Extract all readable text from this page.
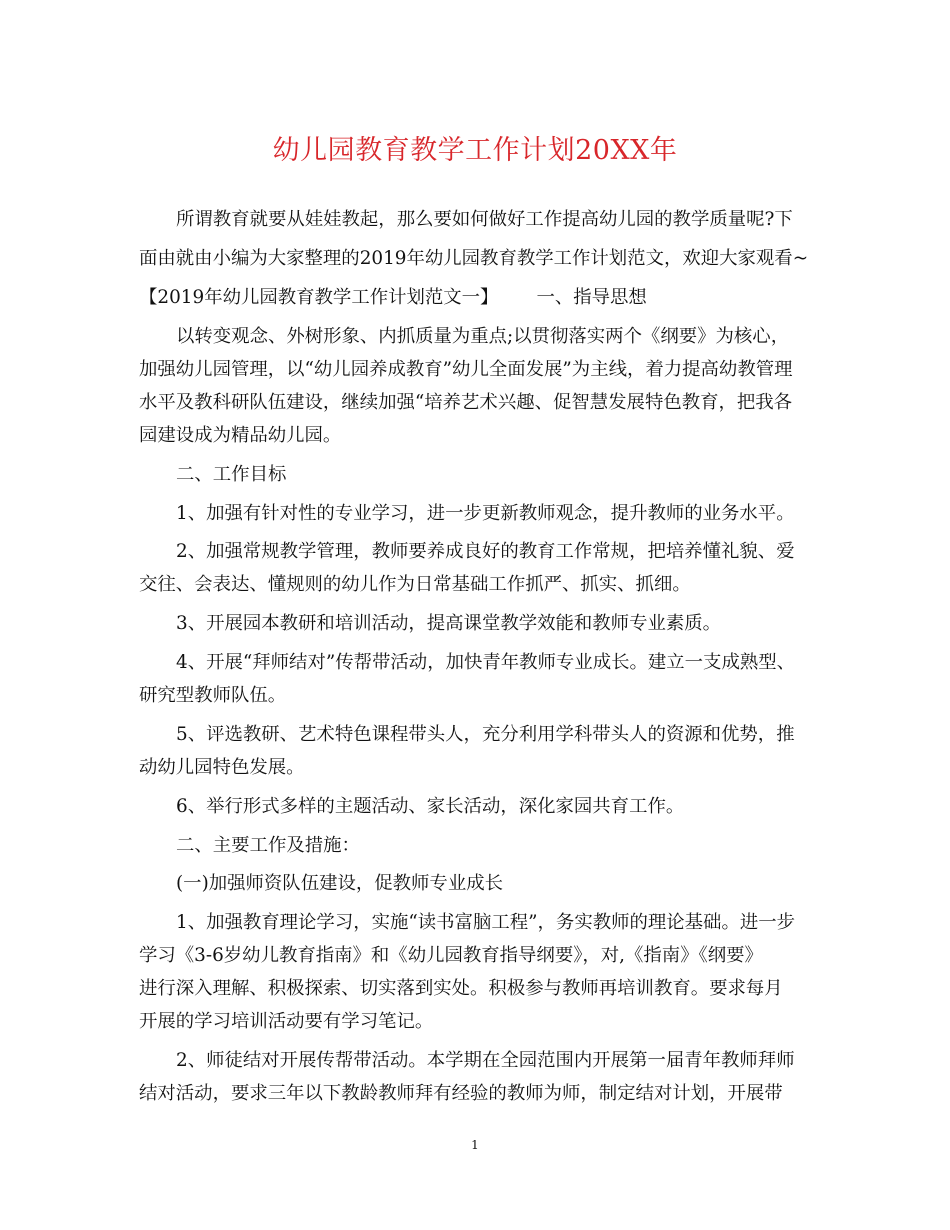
幼儿园教育教学工作计划20XX年
所谓教育就要从娃娃教起，那么要如何做好工作提高幼儿园的教学质量呢?下
面由就由小编为大家整理的2019年幼儿园教育教学工作计划范文，欢迎大家观看~
【2019年幼儿园教育教学工作计划范文一】 一、指导思想
以转变观念、外树形象、内抓质量为重点;以贯彻落实两个《纲要》为核心，
加强幼儿园管理，以“幼儿园养成教育”幼儿全面发展”为主线，着力提高幼教管理
水平及教科研队伍建设，继续加强“培养艺术兴趣、促智慧发展特色教育，把我各
园建设成为精品幼儿园。
二、工作目标
1、加强有针对性的专业学习，进一步更新教师观念，提升教师的业务水平。
2、加强常规教学管理，教师要养成良好的教育工作常规，把培养懂礼貌、爱
交往、会表达、懂规则的幼儿作为日常基础工作抓严、抓实、抓细。
3、开展园本教研和培训活动，提高课堂教学效能和教师专业素质。
4、开展“拜师结对”传帮带活动，加快青年教师专业成长。建立一支成熟型、
研究型教师队伍。
5、评选教研、艺术特色课程带头人，充分利用学科带头人的资源和优势，推
动幼儿园特色发展。
6、举行形式多样的主题活动、家长活动，深化家园共育工作。
二、主要工作及措施：
(一)加强师资队伍建设，促教师专业成长
1、加强教育理论学习，实施“读书富脑工程”，务实教师的理论基础。进一步
学习《3-6岁幼儿教育指南》和《幼儿园教育指导纲要》，对,《指南》《纲要》
进行深入理解、积极探索、切实落到实处。积极参与教师再培训教育。要求每月
开展的学习培训活动要有学习笔记。
2、师徒结对开展传帮带活动。本学期在全园范围内开展第一届青年教师拜师
结对活动，要求三年以下教龄教师拜有经验的教师为师，制定结对计划，开展带
1
